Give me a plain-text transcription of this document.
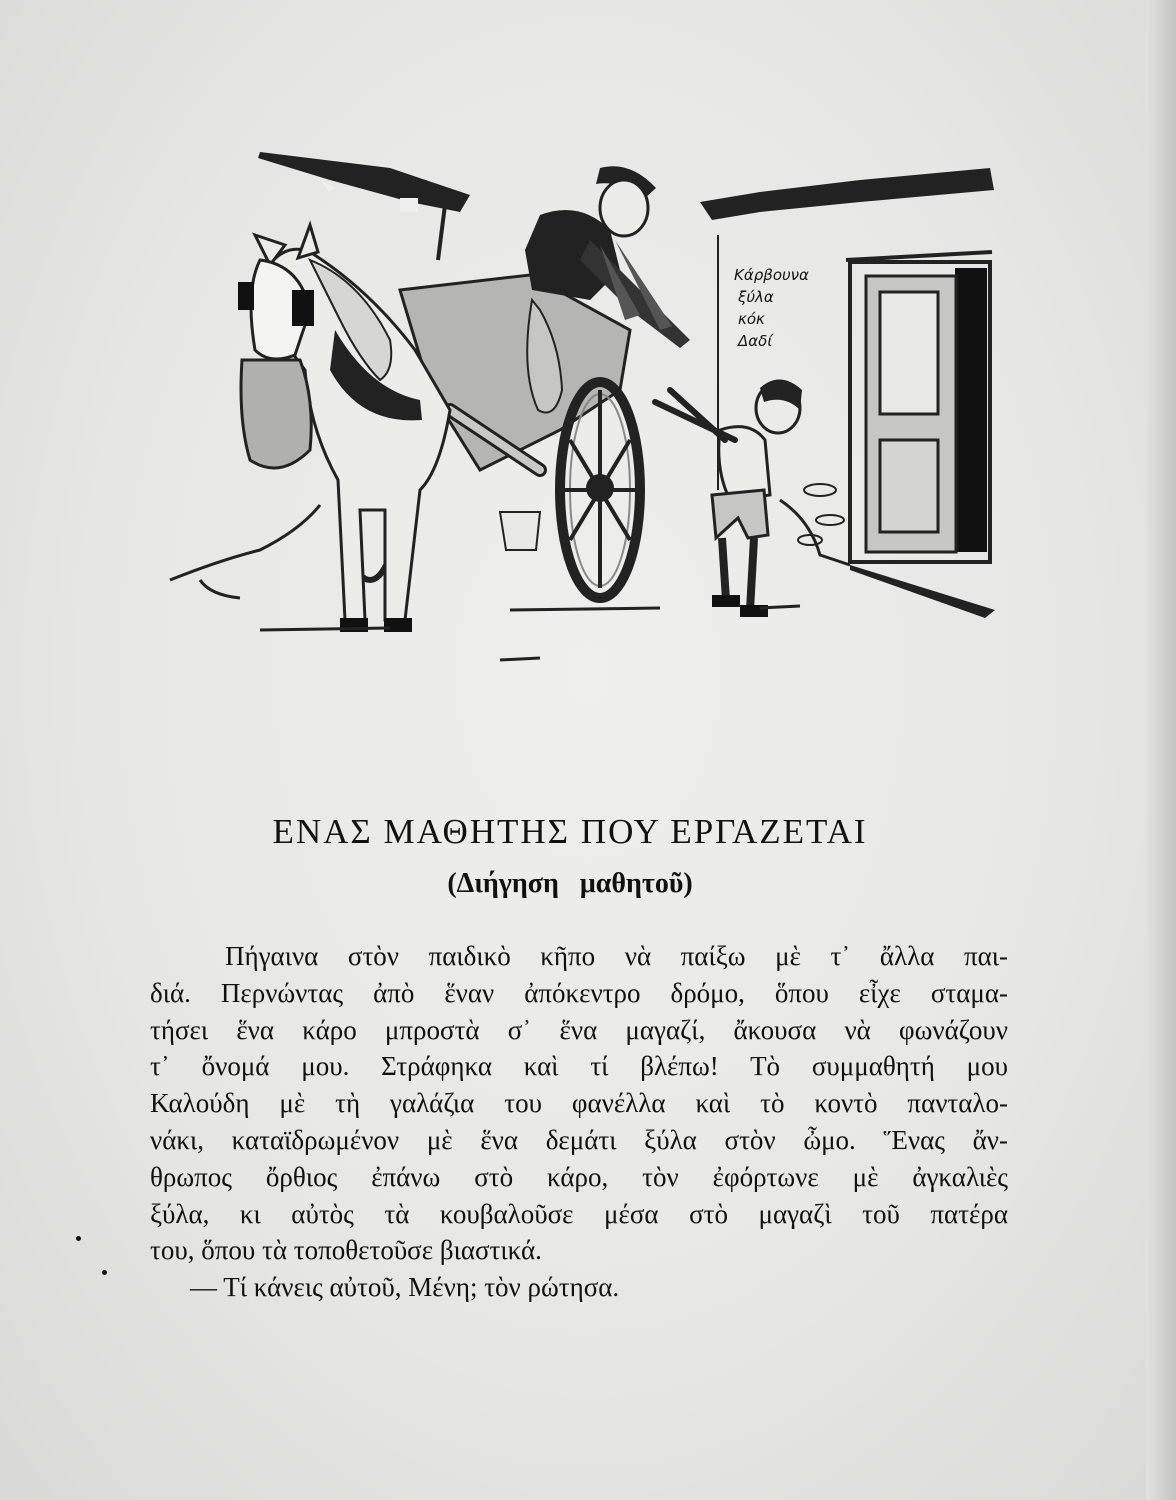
Κάρβουνα
ξύλα
κόκ
Δαδί
ΕΝΑΣ ΜΑΘΗΤΗΣ ΠΟΥ ΕΡΓΑΖΕΤΑΙ
(Διήγηση μαθητοῦ)
Πήγαινα στὸν παιδικὸ κῆπο νὰ παίξω μὲ τ᾽ ἄλλα παι-
διά. Περνώντας ἀπὸ ἕναν ἀπόκεντρο δρόμο, ὅπου εἶχε σταμα-
τήσει ἕνα κάρο μπροστὰ σ᾽ ἕνα μαγαζί, ἄκουσα νὰ φωνάζουν
τ᾽ ὄνομά μου. Στράφηκα καὶ τί βλέπω! Τὸ συμμαθητή μου
Καλούδη μὲ τὴ γαλάζια του φανέλλα καὶ τὸ κοντὸ πανταλο-
νάκι, καταϊδρωμένον μὲ ἕνα δεμάτι ξύλα στὸν ὦμο. Ἕνας ἄν-
θρωπος ὄρθιος ἐπάνω στὸ κάρο, τὸν ἐφόρτωνε μὲ ἀγκαλιὲς
ξύλα, κι αὐτὸς τὰ κουβαλοῦσε μέσα στὸ μαγαζὶ τοῦ πατέρα
του, ὅπου τὰ τοποθετοῦσε βιαστικά.
— Τί κάνεις αὐτοῦ, Μένη; τὸν ρώτησα.
